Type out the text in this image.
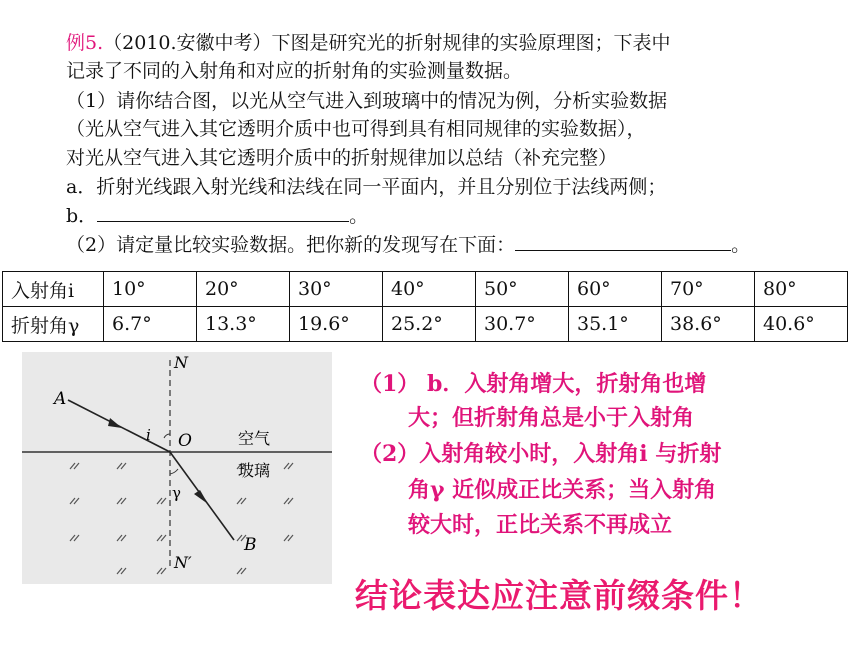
例5.（2010.安徽中考）下图是研究光的折射规律的实验原理图；下表中
记录了不同的入射角和对应的折射角的实验测量数据。
（1）请你结合图，以光从空气进入到玻璃中的情况为例，分析实验数据
（光从空气进入其它透明介质中也可得到具有相同规律的实验数据），
对光从空气进入其它透明介质中的折射规律加以总结（补充完整）
a．折射光线跟入射光线和法线在同一平面内，并且分别位于法线两侧；
b．	。
（2）请定量比较实验数据。把你新的发现写在下面：	。
入射角i	10°	20°	30°	40°	50°	60°	70°	80°
折射角γ	6.7°	13.3°	19.6°	25.2°	30.7°	35.1°	38.6°	40.6°
N
N′
A
B
O
i
γ
空气
玻璃
（1） b．入射角增大，折射角也增
大；但折射角总是小于入射角
（2）入射角较小时，入射角i 与折射
角γ 近似成正比关系；当入射角
较大时，正比关系不再成立
结论表达应注意前缀条件！
